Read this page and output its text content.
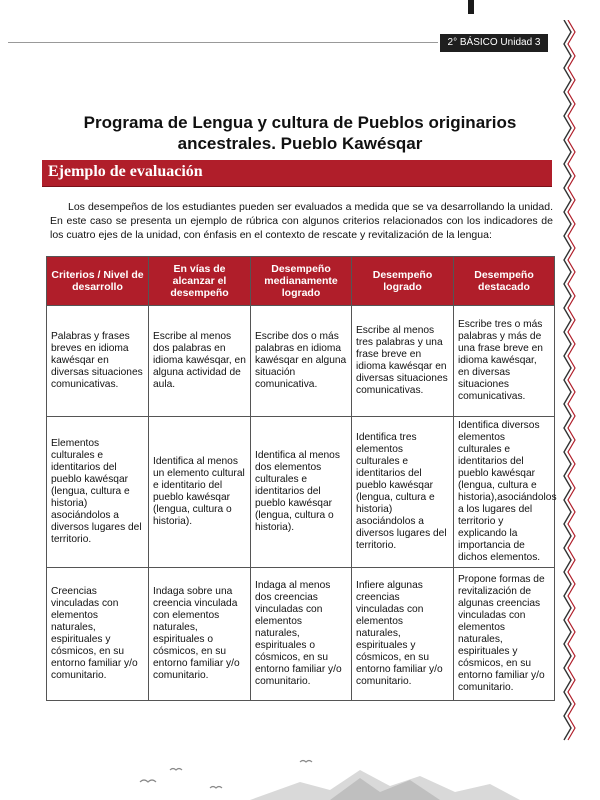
2° BÁSICO Unidad 3
Programa de Lengua y cultura de Pueblos originarios
ancestrales. Pueblo Kawésqar
Ejemplo de evaluación

Los desempeños de los estudiantes pueden ser evaluados a medida que se va desarrollando la unidad. En este caso se presenta un ejemplo de rúbrica con algunos criterios relacionados con los indicadores de los cuatro ejes de la unidad, con énfasis en el contexto de rescate y revitalización de la lengua:

Criterios / Nivel de desarrollo	En vías de alcanzar el desempeño	Desempeño medianamente logrado	Desempeño logrado	Desempeño destacado
Palabras y frases breves en idioma kawésqar en diversas situaciones comunicativas.	Escribe al menos dos palabras en idioma kawésqar, en alguna actividad de aula.	Escribe dos o más palabras en idioma kawésqar en alguna situación comunicativa.	Escribe al menos tres palabras y una frase breve en idioma kawésqar en diversas situaciones comunicativas.	Escribe tres o más palabras y más de una frase breve en idioma kawésqar, en diversas situaciones comunicativas.
Elementos culturales e identitarios del pueblo kawésqar (lengua, cultura e historia) asociándolos a diversos lugares del territorio.	Identifica al menos un elemento cultural e identitario del pueblo kawésqar (lengua, cultura o historia).	Identifica al menos dos elementos culturales e identitarios del pueblo kawésqar (lengua, cultura o historia).	Identifica tres elementos culturales e identitarios del pueblo kawésqar (lengua, cultura e historia) asociándolos a diversos lugares del territorio.	Identifica diversos elementos culturales e identitarios del pueblo kawésqar (lengua, cultura e historia),asociándolos a los lugares del territorio y explicando la importancia de dichos elementos.
Creencias vinculadas con elementos naturales, espirituales y cósmicos, en su entorno familiar y/o comunitario.	Indaga sobre una creencia vinculada con elementos naturales, espirituales o cósmicos, en su entorno familiar y/o comunitario.	Indaga al menos dos creencias vinculadas con elementos naturales, espirituales o cósmicos, en su entorno familiar y/o comunitario.	Infiere algunas creencias vinculadas con elementos naturales, espirituales y cósmicos, en su entorno familiar y/o comunitario.	Propone formas de revitalización de algunas creencias vinculadas con elementos naturales, espirituales y cósmicos, en su entorno familiar y/o comunitario.
